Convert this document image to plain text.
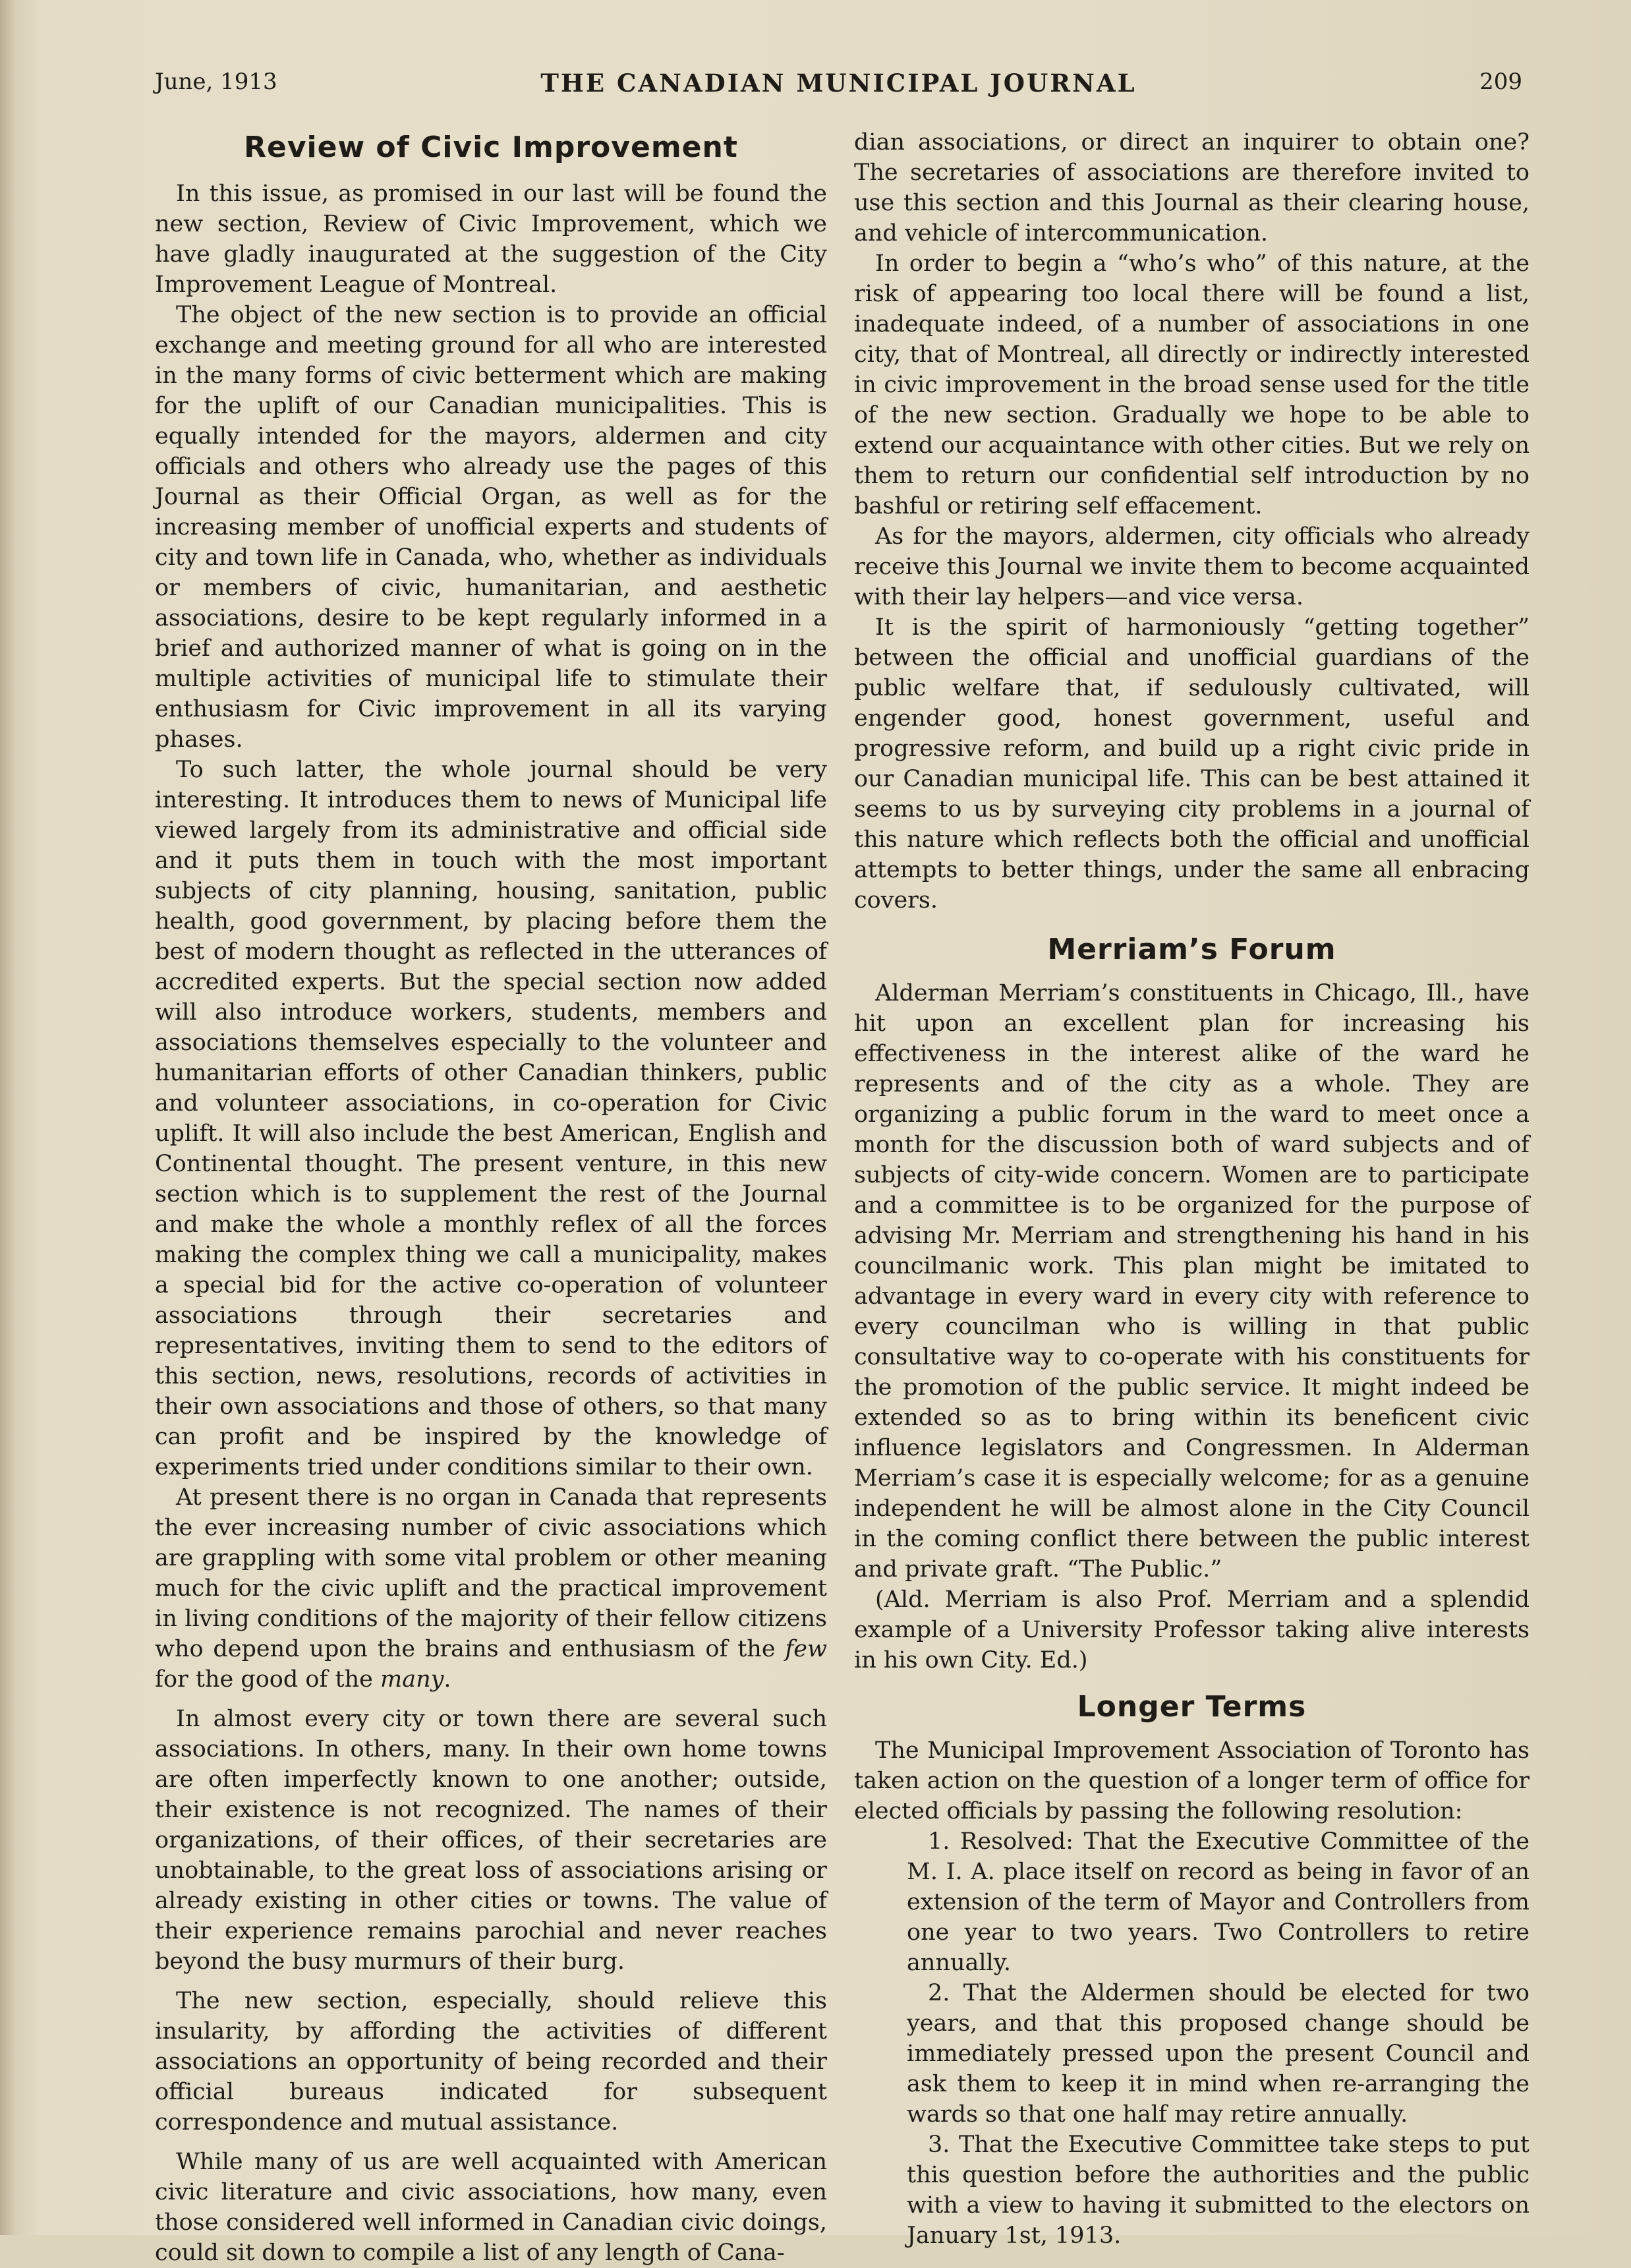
June, 1913	THE CANADIAN MUNICIPAL JOURNAL	209
Review of Civic Improvement

In this issue, as promised in our last will be found the new section, Review of Civic Improvement, which we have gladly inaugurated at the suggestion of the City Improvement League of Montreal.

The object of the new section is to provide an official exchange and meeting ground for all who are interested in the many forms of civic betterment which are making for the uplift of our Canadian municipalities. This is equally intended for the mayors, aldermen and city officials and others who already use the pages of this Journal as their Official Organ, as well as for the increasing member of unofficial experts and students of city and town life in Canada, who, whether as individuals or members of civic, humanitarian, and aesthetic associations, desire to be kept regularly informed in a brief and authorized manner of what is going on in the multiple activities of municipal life to stimulate their enthusiasm for Civic improvement in all its varying phases.

To such latter, the whole journal should be very interesting. It introduces them to news of Municipal life viewed largely from its administrative and official side and it puts them in touch with the most important subjects of city planning, housing, sanitation, public health, good government, by placing before them the best of modern thought as reflected in the utterances of accredited experts. But the special section now added will also introduce workers, students, members and associations themselves especially to the volunteer and humanitarian efforts of other Canadian thinkers, public and volunteer associations, in co-operation for Civic uplift. It will also include the best American, English and Continental thought. The present venture, in this new section which is to supplement the rest of the Journal and make the whole a monthly reflex of all the forces making the complex thing we call a municipality, makes a special bid for the active co-operation of volunteer associations through their secretaries and representatives, inviting them to send to the editors of this section, news, resolutions, records of activities in their own associations and those of others, so that many can profit and be inspired by the knowledge of experiments tried under conditions similar to their own.

At present there is no organ in Canada that represents the ever increasing number of civic associations which are grappling with some vital problem or other meaning much for the civic uplift and the practical improvement in living conditions of the majority of their fellow citizens who depend upon the brains and enthusiasm of the few for the good of the many.

In almost every city or town there are several such associations. In others, many. In their own home towns are often imperfectly known to one another; outside, their existence is not recognized. The names of their organizations, of their offices, of their secretaries are unobtainable, to the great loss of associations arising or already existing in other cities or towns. The value of their experience remains parochial and never reaches beyond the busy murmurs of their burg.

The new section, especially, should relieve this insularity, by affording the activities of different associations an opportunity of being recorded and their official bureaus indicated for subsequent correspondence and mutual assistance.

While many of us are well acquainted with American civic literature and civic associations, how many, even those considered well informed in Canadian civic doings, could sit down to compile a list of any length of Cana-

dian associations, or direct an inquirer to obtain one? The secretaries of associations are therefore invited to use this section and this Journal as their clearing house, and vehicle of intercommunication.

In order to begin a “who’s who” of this nature, at the risk of appearing too local there will be found a list, inadequate indeed, of a number of associations in one city, that of Montreal, all directly or indirectly interested in civic improvement in the broad sense used for the title of the new section. Gradually we hope to be able to extend our acquaintance with other cities. But we rely on them to return our confidential self introduction by no bashful or retiring self effacement.

As for the mayors, aldermen, city officials who already receive this Journal we invite them to become acquainted with their lay helpers—and vice versa.

It is the spirit of harmoniously “getting together” between the official and unofficial guardians of the public welfare that, if sedulously cultivated, will engender good, honest government, useful and progressive reform, and build up a right civic pride in our Canadian municipal life. This can be best attained it seems to us by surveying city problems in a journal of this nature which reflects both the official and unofficial attempts to better things, under the same all enbracing covers.

Merriam’s Forum

Alderman Merriam’s constituents in Chicago, Ill., have hit upon an excellent plan for increasing his effectiveness in the interest alike of the ward he represents and of the city as a whole. They are organizing a public forum in the ward to meet once a month for the discussion both of ward subjects and of subjects of city-wide concern. Women are to participate and a committee is to be organized for the purpose of advising Mr. Merriam and strengthening his hand in his councilmanic work. This plan might be imitated to advantage in every ward in every city with reference to every councilman who is willing in that public consultative way to co-operate with his constituents for the promotion of the public service. It might indeed be extended so as to bring within its beneficent civic influence legislators and Congressmen. In Alderman Merriam’s case it is especially welcome; for as a genuine independent he will be almost alone in the City Council in the coming conflict there between the public interest and private graft. “The Public.”

(Ald. Merriam is also Prof. Merriam and a splendid example of a University Professor taking alive interests in his own City. Ed.)

Longer Terms

The Municipal Improvement Association of Toronto has taken action on the question of a longer term of office for elected officials by passing the following resolution:

1. Resolved: That the Executive Committee of the M. I. A. place itself on record as being in favor of an extension of the term of Mayor and Controllers from one year to two years. Two Controllers to retire annually.

2. That the Aldermen should be elected for two years, and that this proposed change should be immediately pressed upon the present Council and ask them to keep it in mind when re-arranging the wards so that one half may retire annually.

3. That the Executive Committee take steps to put this question before the authorities and the public with a view to having it submitted to the electors on January 1st, 1913.
